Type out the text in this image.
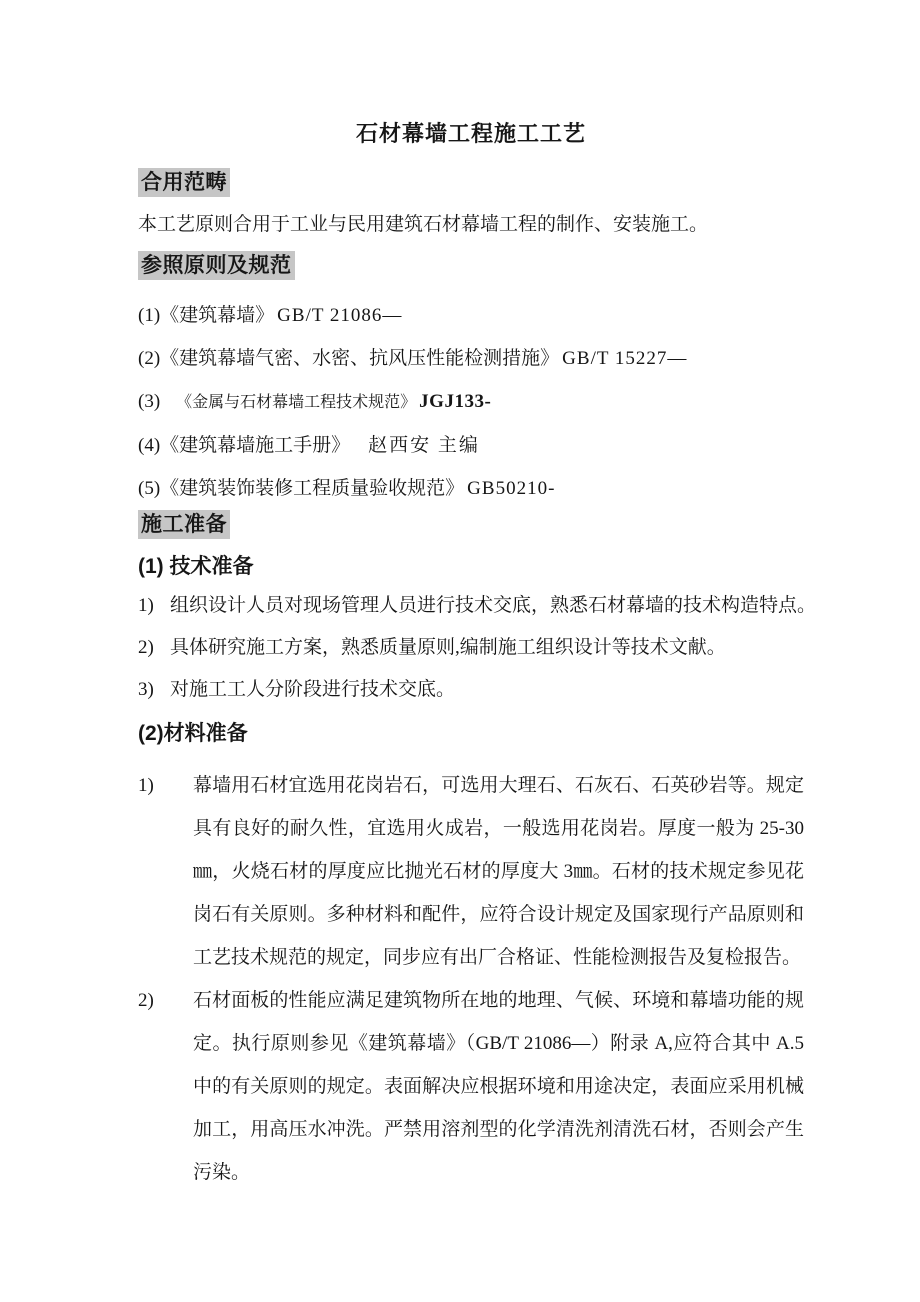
石材幕墙工程施工工艺

合用范畴

本工艺原则合用于工业与民用建筑石材幕墙工程的制作、安装施工。

参照原则及规范

(1)《建筑幕墙》 GB/T 21086—

(2)《建筑幕墙气密、水密、抗风压性能检测措施》 GB/T 15227—

(3) 《金属与石材幕墙工程技术规范》 JGJ133-

(4)《建筑幕墙施工手册》 赵西安 主编

(5)《建筑装饰装修工程质量验收规范》 GB50210-

施工准备

(1) 技术准备

1) 组织设计人员对现场管理人员进行技术交底，熟悉石材幕墙的技术构造特点。

2) 具体研究施工方案，熟悉质量原则,编制施工组织设计等技术文献。

3) 对施工工人分阶段进行技术交底。

(2)材料准备
1) 幕墙用石材宜选用花岗岩石，可选用大理石、石灰石、石英砂岩等。规定具有良好的耐久性，宜选用火成岩，一般选用花岗岩。厚度一般为 25-30㎜，火烧石材的厚度应比抛光石材的厚度大 3㎜。石材的技术规定参见花岗石有关原则。多种材料和配件，应符合设计规定及国家现行产品原则和工艺技术规范的规定，同步应有出厂合格证、性能检测报告及复检报告。

2) 石材面板的性能应满足建筑物所在地的地理、气候、环境和幕墙功能的规定。执行原则参见《建筑幕墙》（GB/T 21086—）附录 A,应符合其中 A.5 中的有关原则的规定。表面解决应根据环境和用途决定，表面应采用机械加工，用高压水冲洗。严禁用溶剂型的化学清洗剂清洗石材，否则会产生污染。
